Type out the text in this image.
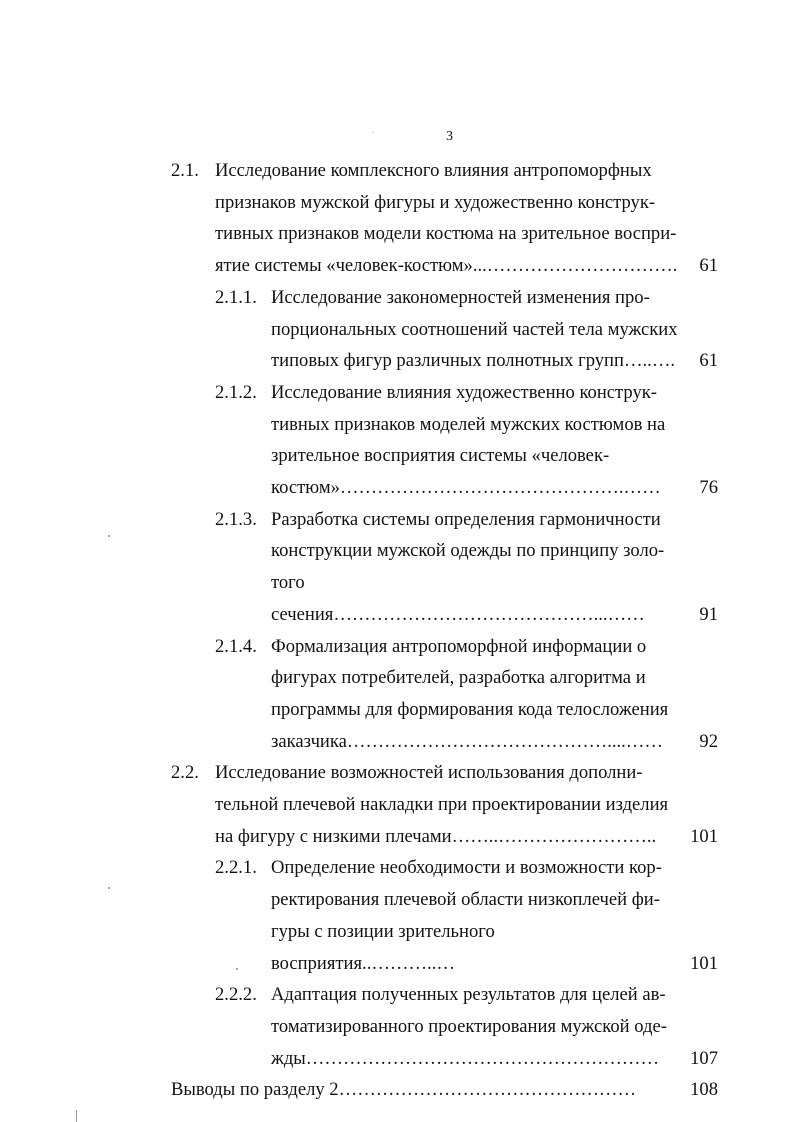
3
2.1. Исследование комплексного влияния антропоморфных
признаков мужской фигуры и художественно конструк-
тивных признаков модели костюма на зрительное воспри-
ятие системы «человек-костюм»...…………………………. 61
2.1.1. Исследование закономерностей изменения про-
порциональных соотношений частей тела мужских
типовых фигур различных полнотных групп…..…. 61
2.1.2. Исследование влияния художественно конструк-
тивных признаков моделей мужских костюмов на
зрительное восприятия системы «человек-
костюм»……………………………………….……	76
2.1.3. Разработка системы определения гармоничности
конструкции мужской одежды по принципу золо-
того сечения……………………………………...……	91
2.1.4. Формализация антропоморфной информации о
фигурах потребителей, разработка алгоритма и
программы для формирования кода телосложения
заказчика……………………………………....……	92
2.2. Исследование возможностей использования дополни-
тельной плечевой накладки при проектировании изделия
на фигуру с низкими плечами……..……………………..	101
2.2.1. Определение необходимости и возможности кор-
ректирования плечевой области низкоплечей фи-
гуры с позиции зрительного восприятия..………..…	101
2.2.2. Адаптация полученных результатов для целей ав-
томатизированного проектирования мужской оде-
жды…………………………………………………	107
Выводы по разделу 2…………………………………………	108
